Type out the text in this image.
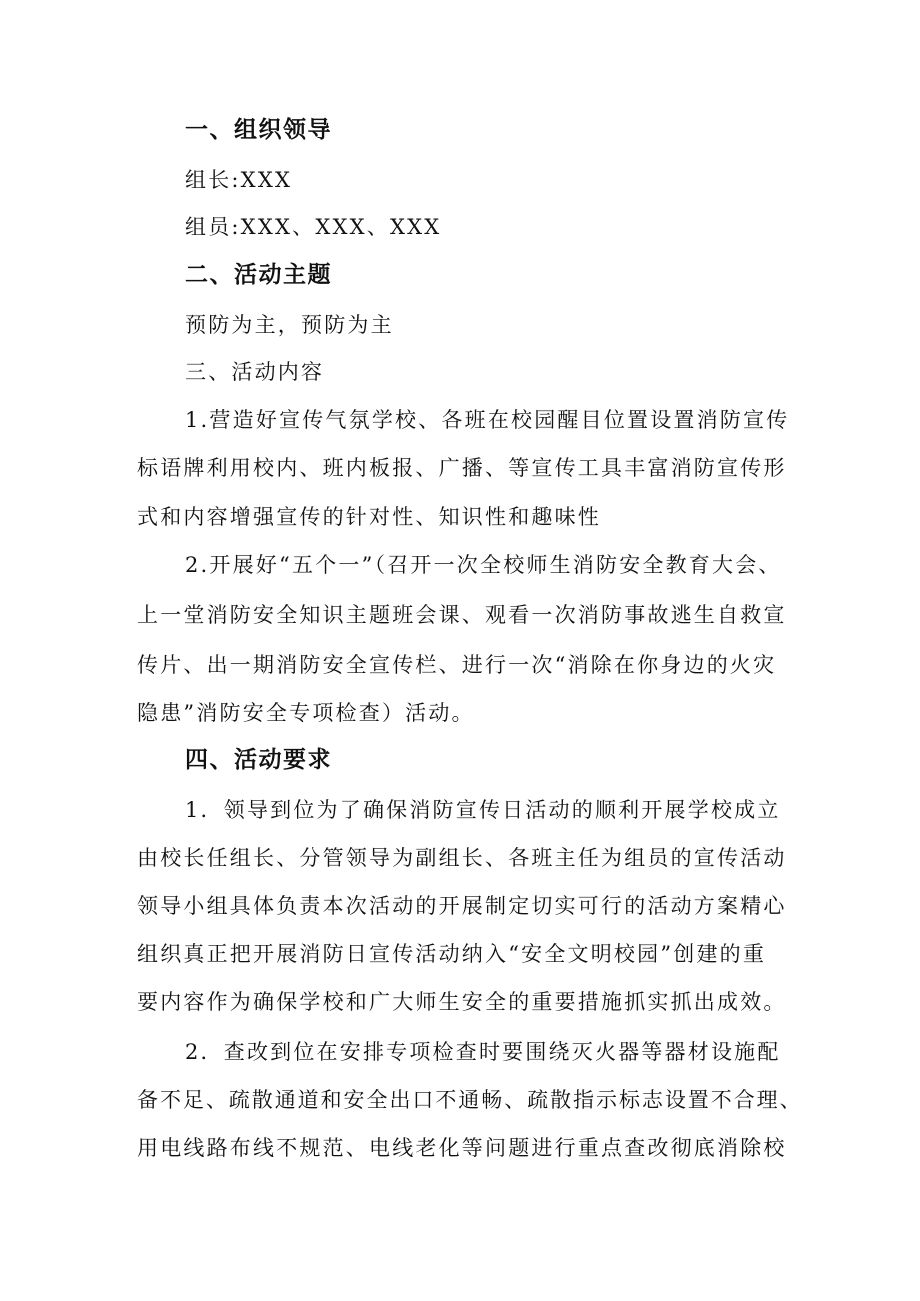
一、组织领导
组长:XXX
组员:XXX、XXX、XXX
二、活动主题
预防为主，预防为主
三、活动内容
1.营造好宣传气氛学校、各班在校园醒目位置设置消防宣传
标语牌利用校内、班内板报、广播、等宣传工具丰富消防宣传形
式和内容增强宣传的针对性、知识性和趣味性
2.开展好“五个一”（召开一次全校师生消防安全教育大会、
上一堂消防安全知识主题班会课、观看一次消防事故逃生自救宣
传片、出一期消防安全宣传栏、进行一次“消除在你身边的火灾
隐患”消防安全专项检查）活动。
四、活动要求
1．领导到位为了确保消防宣传日活动的顺利开展学校成立
由校长任组长、分管领导为副组长、各班主任为组员的宣传活动
领导小组具体负责本次活动的开展制定切实可行的活动方案精心
组织真正把开展消防日宣传活动纳入“安全文明校园”创建的重
要内容作为确保学校和广大师生安全的重要措施抓实抓出成效。
2．查改到位在安排专项检查时要围绕灭火器等器材设施配
备不足、疏散通道和安全出口不通畅、疏散指示标志设置不合理、
用电线路布线不规范、电线老化等问题进行重点查改彻底消除校
